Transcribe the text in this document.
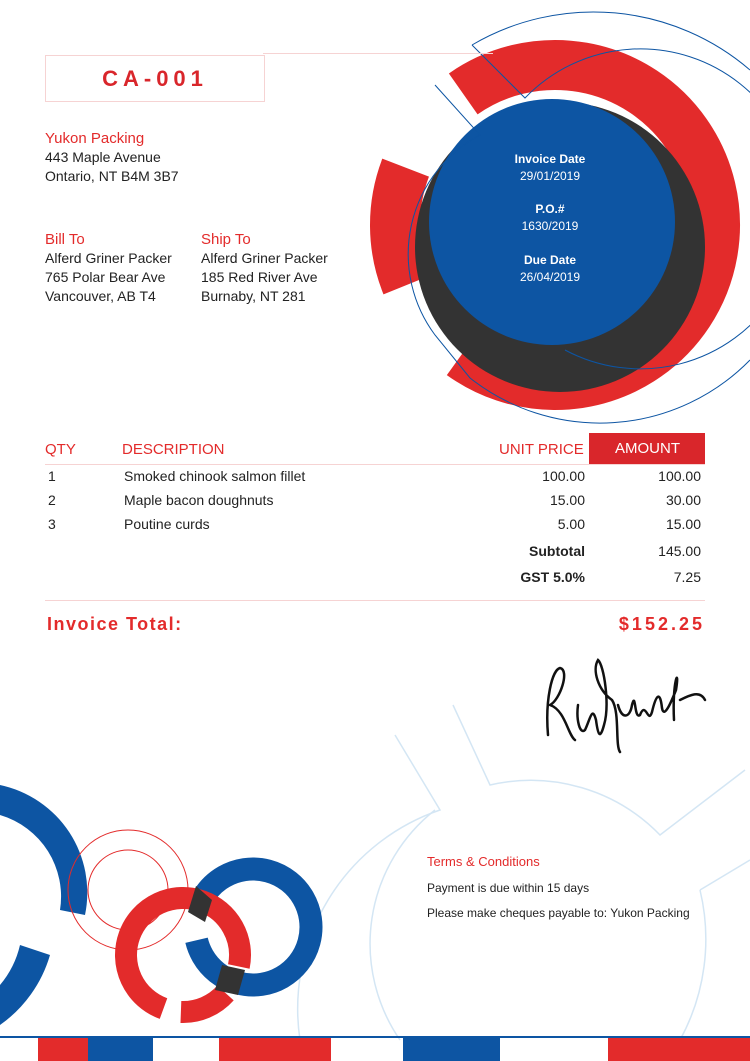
CA-001
Yukon Packing
443 Maple Avenue
Ontario, NT B4M 3B7
Bill To
Alferd Griner Packer
765 Polar Bear Ave
Vancouver, AB T4
Ship To
Alferd Griner Packer
185 Red River Ave
Burnaby, NT 281
Invoice Date
29/01/2019
P.O.#
1630/2019
Due Date
26/04/2019
QTY	DESCRIPTION	UNIT PRICE	AMOUNT
1	Smoked chinook salmon fillet	100.00	100.00
2	Maple bacon doughnuts	15.00	30.00
3	Poutine curds	5.00	15.00
Subtotal	145.00
GST 5.0%	7.25
Invoice Total:	$152.25
Terms & Conditions
Payment is due within 15 days
Please make cheques payable to: Yukon Packing
